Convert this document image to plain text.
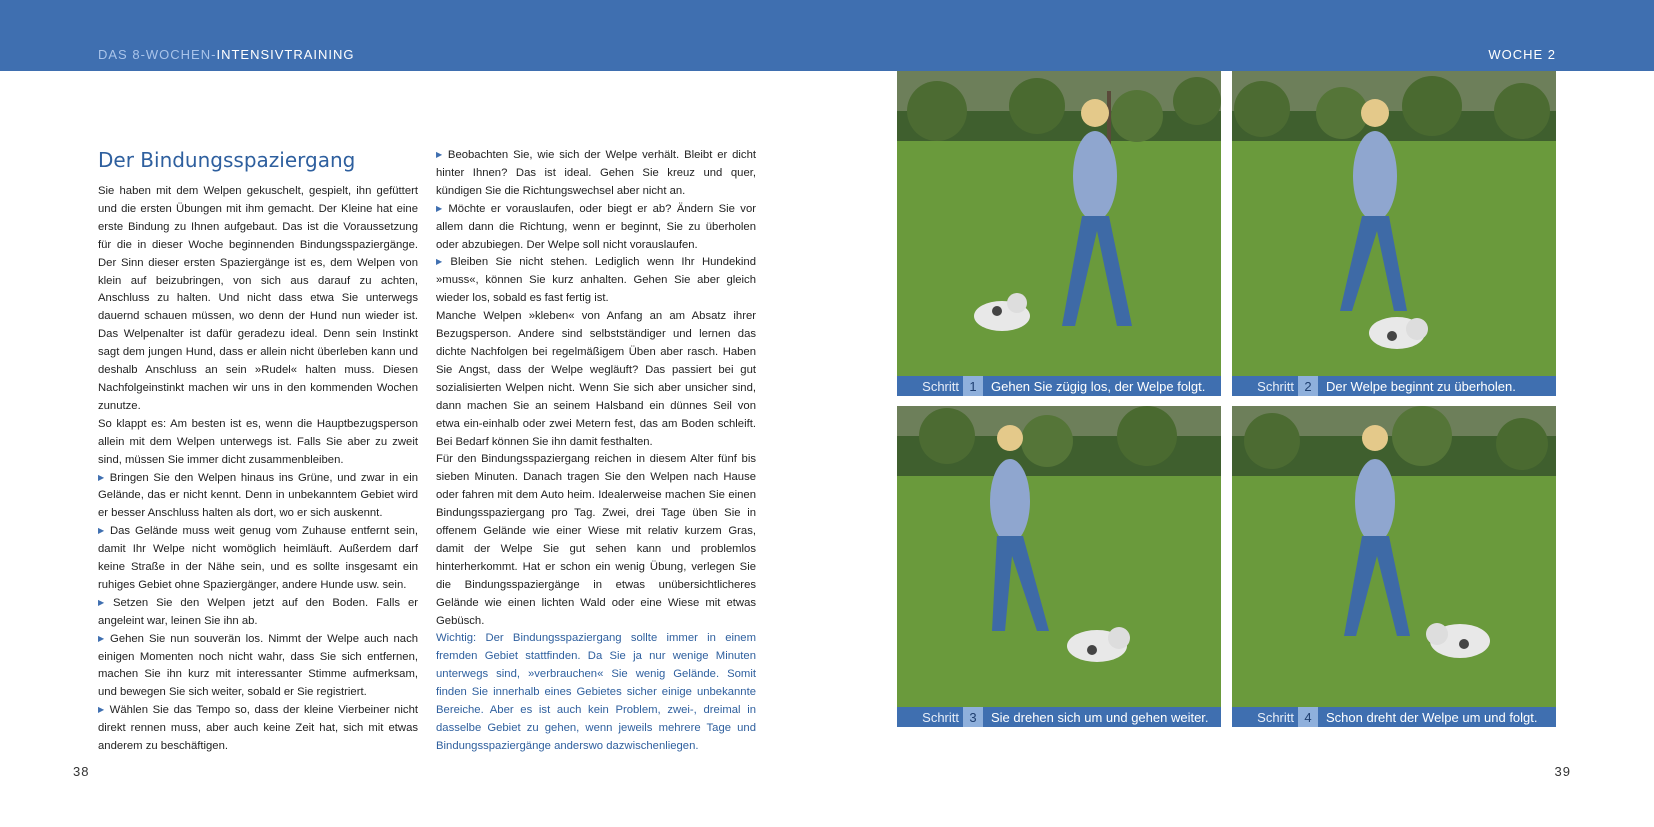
DAS 8-WOCHEN-INTENSIVTRAINING	WOCHE 2
Der Bindungsspaziergang

Sie haben mit dem Welpen gekuschelt, gespielt, ihn gefüttert und die ersten Übungen mit ihm gemacht. Der Kleine hat eine erste Bindung zu Ihnen aufgebaut. Das ist die Voraussetzung für die in dieser Woche beginnenden Bindungsspaziergänge. Der Sinn dieser ersten Spaziergänge ist es, dem Welpen von klein auf beizubringen, von sich aus darauf zu achten, Anschluss zu halten. Und nicht dass etwa Sie unterwegs dauernd schauen müssen, wo denn der Hund nun wieder ist. Das Welpenalter ist dafür geradezu ideal. Denn sein Instinkt sagt dem jungen Hund, dass er allein nicht überleben kann und deshalb Anschluss an sein »Rudel« halten muss. Diesen Nachfolgeinstinkt machen wir uns in den kommenden Wochen zunutze.

So klappt es: Am besten ist es, wenn die Hauptbezugsperson allein mit dem Welpen unterwegs ist. Falls Sie aber zu zweit sind, müssen Sie immer dicht zusammenbleiben.

▶ Bringen Sie den Welpen hinaus ins Grüne, und zwar in ein Gelände, das er nicht kennt. Denn in unbekanntem Gebiet wird er besser Anschluss halten als dort, wo er sich auskennt.

▶ Das Gelände muss weit genug vom Zuhause entfernt sein, damit Ihr Welpe nicht womöglich heimläuft. Außerdem darf keine Straße in der Nähe sein, und es sollte insgesamt ein ruhiges Gebiet ohne Spaziergänger, andere Hunde usw. sein.

▶ Setzen Sie den Welpen jetzt auf den Boden. Falls er angeleint war, leinen Sie ihn ab.

▶ Gehen Sie nun souverän los. Nimmt der Welpe auch nach einigen Momenten noch nicht wahr, dass Sie sich entfernen, machen Sie ihn kurz mit interessanter Stimme aufmerksam, und bewegen Sie sich weiter, sobald er Sie registriert.

▶ Wählen Sie das Tempo so, dass der kleine Vierbeiner nicht direkt rennen muss, aber auch keine Zeit hat, sich mit etwas anderem zu beschäftigen.

▶ Beobachten Sie, wie sich der Welpe verhält. Bleibt er dicht hinter Ihnen? Das ist ideal. Gehen Sie kreuz und quer, kündigen Sie die Richtungswechsel aber nicht an.

▶ Möchte er vorauslaufen, oder biegt er ab? Ändern Sie vor allem dann die Richtung, wenn er beginnt, Sie zu überholen oder abzubiegen. Der Welpe soll nicht vorauslaufen.

▶ Bleiben Sie nicht stehen. Lediglich wenn Ihr Hundekind »muss«, können Sie kurz anhalten. Gehen Sie aber gleich wieder los, sobald es fast fertig ist.

Manche Welpen »kleben« von Anfang an am Absatz ihrer Bezugsperson. Andere sind selbstständiger und lernen das dichte Nachfolgen bei regelmäßigem Üben aber rasch. Haben Sie Angst, dass der Welpe wegläuft? Das passiert bei gut sozialisierten Welpen nicht. Wenn Sie sich aber unsicher sind, dann machen Sie an seinem Halsband ein dünnes Seil von etwa ein-einhalb oder zwei Metern fest, das am Boden schleift. Bei Bedarf können Sie ihn damit festhalten.

Für den Bindungsspaziergang reichen in diesem Alter fünf bis sieben Minuten. Danach tragen Sie den Welpen nach Hause oder fahren mit dem Auto heim. Idealerweise machen Sie einen Bindungsspaziergang pro Tag. Zwei, drei Tage üben Sie in offenem Gelände wie einer Wiese mit relativ kurzem Gras, damit der Welpe Sie gut sehen kann und problemlos hinterherkommt. Hat er schon ein wenig Übung, verlegen Sie die Bindungsspaziergänge in etwas unübersichtlicheres Gelände wie einen lichten Wald oder eine Wiese mit etwas Gebüsch.

Wichtig: Der Bindungsspaziergang sollte immer in einem fremden Gebiet stattfinden. Da Sie ja nur wenige Minuten unterwegs sind, »verbrauchen« Sie wenig Gelände. Somit finden Sie innerhalb eines Gebietes sicher einige unbekannte Bereiche. Aber es ist auch kein Problem, zwei-, dreimal in dasselbe Gebiet zu gehen, wenn jeweils mehrere Tage und Bindungsspaziergänge anderswo dazwischenliegen.

Schritt 1	Gehen Sie zügig los, der Welpe folgt.	Schritt 2	Der Welpe beginnt zu überholen.
Schritt 3	Sie drehen sich um und gehen weiter.	Schritt 4	Schon dreht der Welpe um und folgt.
38	39
